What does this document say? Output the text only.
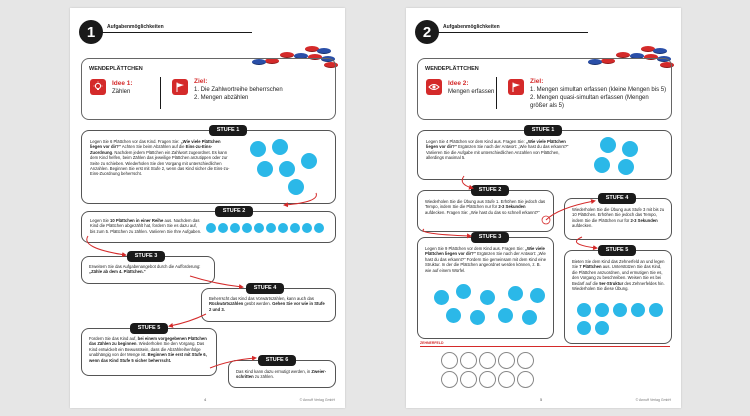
1	Aufgabenmöglichkeiten
WENDEPLÄTTCHEN
Idee 1:
Zählen
Ziel:
1. Die Zahlwortreihe beherrschen
2. Mengen abzählen
Legen Sie 6 Plättchen vor das Kind. Fragen Sie: „Wie viele Plättchen liegen vor dir?“ Achten Sie beim Abzählen auf die Eins-zu-Eins-Zuordnung. Nachdem jedem Plättchen ein Zahlwort zugeordnet. Es kann dem Kind helfen, beim Zählen das jeweilige Plättchen anzutippen oder zur Seite zu schieben. Wiederholen Sie den Vorgang mit unterschiedlichen Anzahlen. Beginnen Sie erst mit Stufe 2, wenn das Kind sicher die Eins-zu-Eins-Zuordnung beherrscht.
STUFE 1
Legen Sie 10 Plättchen in einer Reihe aus. Nachdem das Kind die Plättchen abgezählt hat, fordern Sie es dazu auf, bis zum 5. Plättchen zu zählen. Variieren Sie Ihre Aufgaben.
STUFE 2
Erweitern Sie das Aufgabenangebot durch die Aufforderung: „Zähle ab dem 4. Plättchen.“
STUFE 3
Beherrscht das Kind das Vorwärtszählen, kann auch das Rückwärtszählen geübt werden. Gehen Sie vor wie in Stufe 2 und 3.
STUFE 4
Fordern Sie das Kind auf, bei einem vorgegebenen Plättchen das Zählen zu beginnen. Wiederholen Sie den Vorgang. Das Kind entwickelt ein Bewusstsein, dass die Abzählreihenfolge unabhängig von der Menge ist. Beginnen Sie erst mit Stufe 6, wenn das Kind Stufe 5 sicher beherrscht.
STUFE 5
Das Kind kann dazu ermutigt werden, in Zweier-schritten zu zählen.
STUFE 6
4	© Annuff Verlag GmbH
2	Aufgabenmöglichkeiten
WENDEPLÄTTCHEN
Idee 2:
Mengen erfassen
Ziel:
1. Mengen simultan erfassen (kleine Mengen bis 5) 2. Mengen quasi-simultan erfassen (Mengen größer als 5)
Legen Sie 4 Plättchen vor dem Kind aus. Fragen Sie: „Wie viele Plättchen liegen vor dir?“ Ergänzen Sie nach der Antwort: „Wie hast du das erkannt?“ Variieren Sie die Aufgabe mit unterschiedlichen Anzahlen von Plättchen, allerdings maximal 5.
STUFE 1
Wiederholen Sie die Übung aus Stufe 1. Erhöhen Sie jedoch das Tempo, indem Sie die Plättchen nur für 2-3 Sekunden aufdecken. Fragen Sie: „Wie hast du das so schnell erkannt?“
STUFE 2
Legen Sie 9 Plättchen vor dem Kind aus. Fragen Sie: „Wie viele Plättchen liegen vor dir?“ Ergänzen Sie nach der Antwort: „Wie hast du das erkannt?“ Fordern Sie gemeinsam mit dem Kind eine Struktur. In der die Plättchen angeordnet werden können, z. B. wie auf einem Würfel.
STUFE 3
Wiederholen Sie die Übung aus Stufe 3 mit bis zu 10 Plättchen. Erhöhen Sie jedoch das Tempo, indem Sie die Plättchen nur für 2-3 Sekunden aufdecken.
STUFE 4
Bieten Sie dem Kind das Zehnerfeld an und legen Sie 7 Plättchen aus. Unterstützen Sie das Kind, die Plättchen anzuordnen, und ermutigen Sie es, den Vorgang zu beschreiben. Weisen Sie es bei Bedarf auf die 5er-Struktur des Zehnerfeldes hin. Wiederholen Sie diese Übung.
STUFE 5
ZEHNERFELD
5	© Annuff Verlag GmbH
